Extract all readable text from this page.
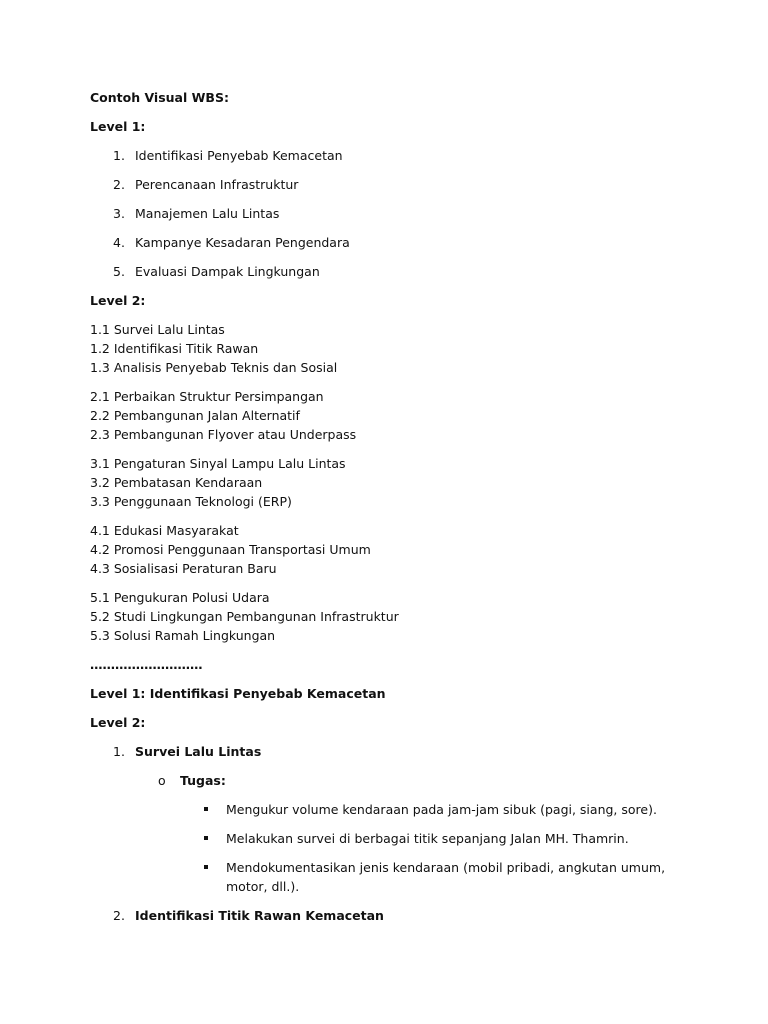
Contoh Visual WBS:
Level 1:
1. Identifikasi Penyebab Kemacetan
2. Perencanaan Infrastruktur
3. Manajemen Lalu Lintas
4. Kampanye Kesadaran Pengendara
5. Evaluasi Dampak Lingkungan
Level 2:
1.1 Survei Lalu Lintas
1.2 Identifikasi Titik Rawan
1.3 Analisis Penyebab Teknis dan Sosial
2.1 Perbaikan Struktur Persimpangan
2.2 Pembangunan Jalan Alternatif
2.3 Pembangunan Flyover atau Underpass
3.1 Pengaturan Sinyal Lampu Lalu Lintas
3.2 Pembatasan Kendaraan
3.3 Penggunaan Teknologi (ERP)
4.1 Edukasi Masyarakat
4.2 Promosi Penggunaan Transportasi Umum
4.3 Sosialisasi Peraturan Baru
5.1 Pengukuran Polusi Udara
5.2 Studi Lingkungan Pembangunan Infrastruktur
5.3 Solusi Ramah Lingkungan
………………………
Level 1: Identifikasi Penyebab Kemacetan
Level 2:
1. Survei Lalu Lintas
o Tugas:
Mengukur volume kendaraan pada jam-jam sibuk (pagi, siang, sore).
Melakukan survei di berbagai titik sepanjang Jalan MH. Thamrin.
Mendokumentasikan jenis kendaraan (mobil pribadi, angkutan umum, motor, dll.).
2. Identifikasi Titik Rawan Kemacetan
